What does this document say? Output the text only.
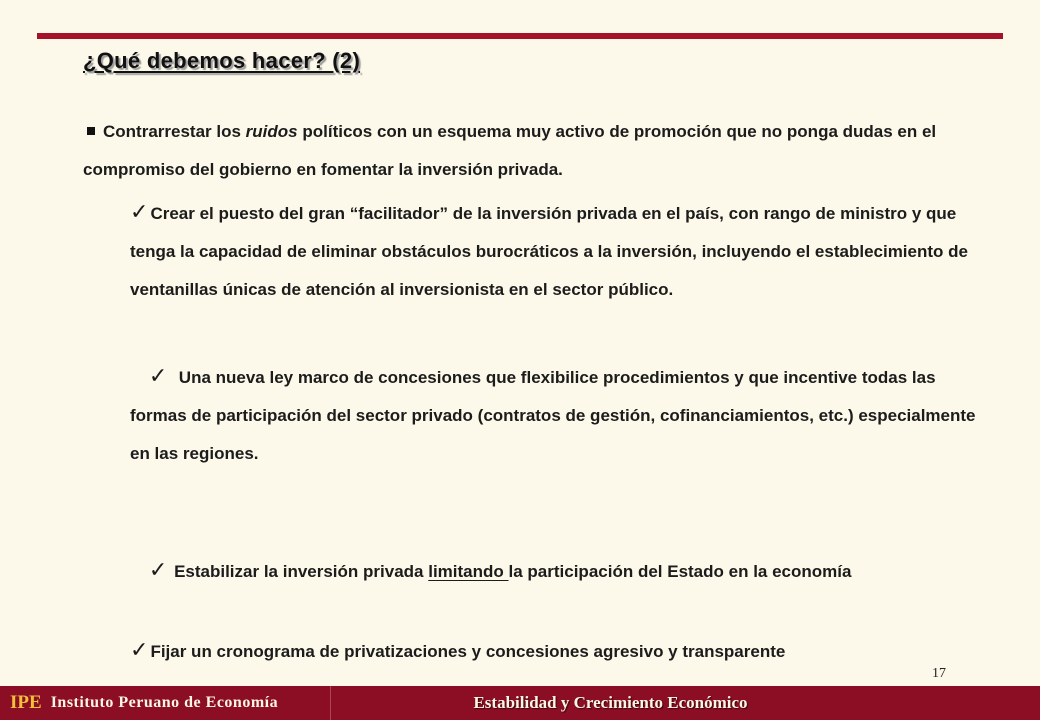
¿Qué debemos hacer? (2)

Contrarrestar los ruidos políticos con un esquema muy activo de promoción que no ponga dudas en el compromiso del gobierno en fomentar la inversión privada.

✓ Crear el puesto del gran “facilitador” de la inversión privada en el país, con rango de ministro y que tenga la capacidad de eliminar obstáculos burocráticos a la inversión, incluyendo el establecimiento de ventanillas únicas de atención al inversionista en el sector público.

✓  Una nueva ley marco de concesiones que flexibilice procedimientos y que incentive todas las formas de participación del sector privado (contratos de gestión, cofinanciamientos, etc.) especialmente en las regiones.

✓ Estabilizar la inversión privada limitando la participación del Estado en la economía

✓ Fijar un cronograma de privatizaciones y concesiones agresivo y transparente

17
IPE Instituto Peruano de Economía	Estabilidad y Crecimiento Económico
